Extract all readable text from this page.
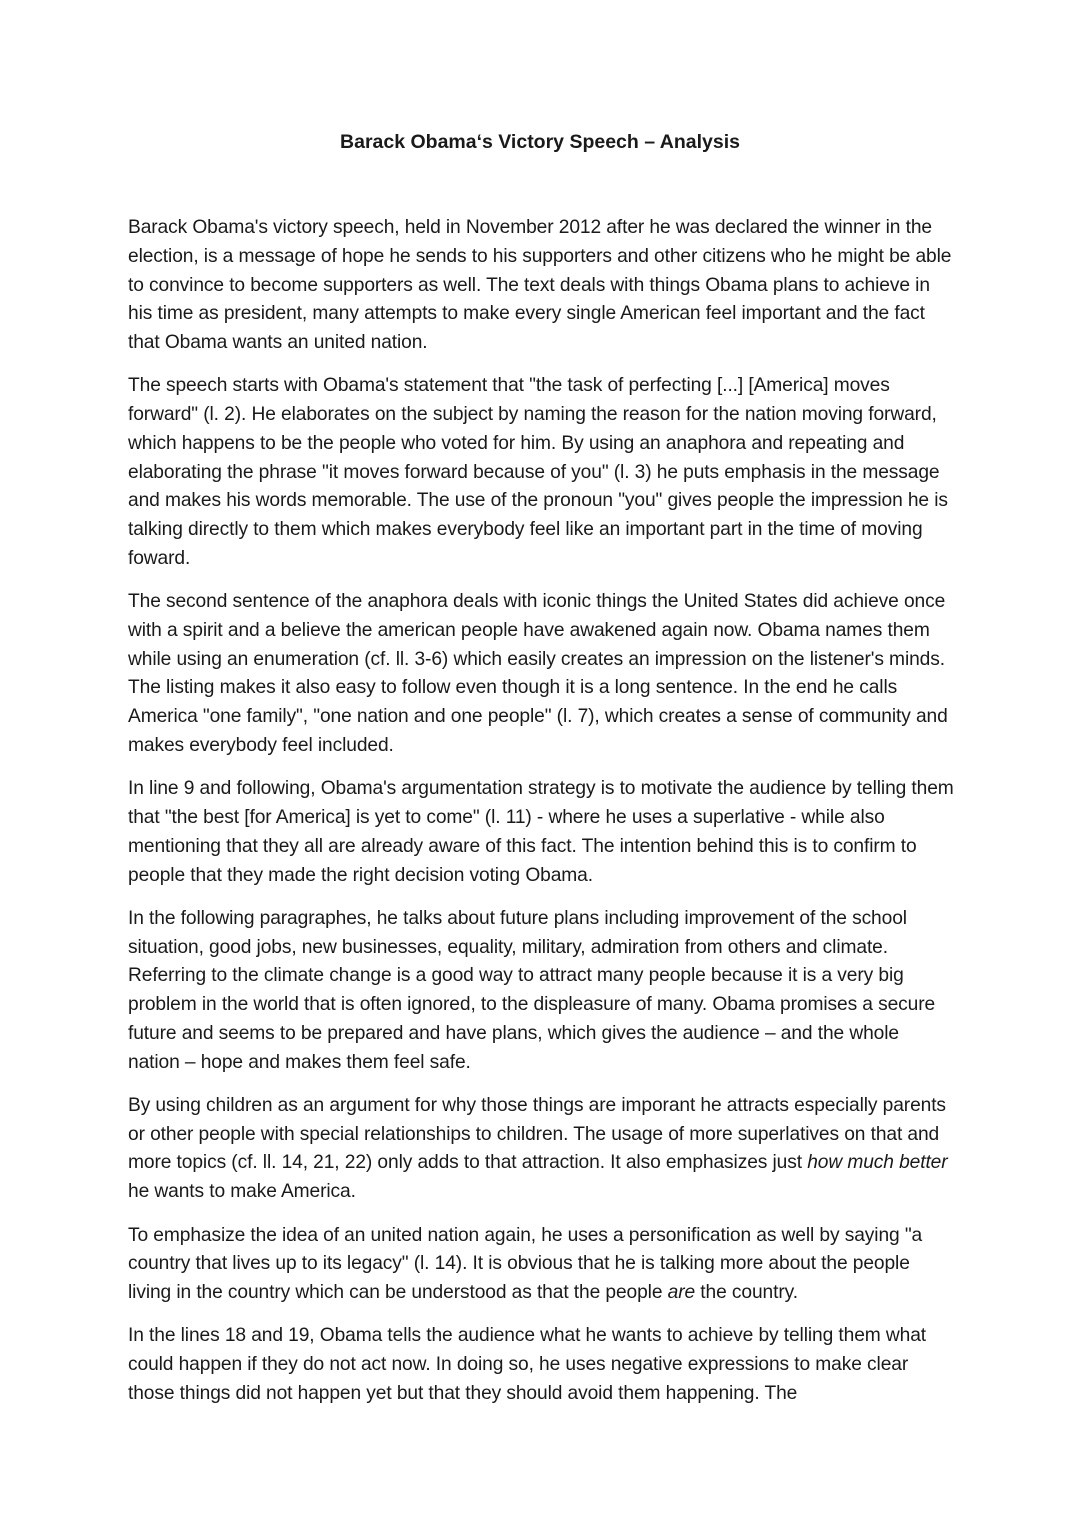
Barack Obama‘s Victory Speech – Analysis

Barack Obama's victory speech, held in November 2012 after he was declared the winner in the election, is a message of hope he sends to his supporters and other citizens who he might be able to convince to become supporters as well. The text deals with things Obama plans to achieve in his time as president, many attempts to make every single American feel important and the fact that Obama wants an united nation.

The speech starts with Obama's statement that "the task of perfecting [...] [America] moves forward" (l. 2). He elaborates on the subject by naming the reason for the nation moving forward, which happens to be the people who voted for him. By using an anaphora and repeating and elaborating the phrase "it moves forward because of you" (l. 3) he puts emphasis in the message and makes his words memorable. The use of the pronoun "you" gives people the impression he is talking directly to them which makes everybody feel like an important part in the time of moving foward.

The second sentence of the anaphora deals with iconic things the United States did achieve once with a spirit and a believe the american people have awakened again now. Obama names them while using an enumeration (cf. ll. 3-6) which easily creates an impression on the listener's minds. The listing makes it also easy to follow even though it is a long sentence. In the end he calls America "one family", "one nation and one people" (l. 7), which creates a sense of community and makes everybody feel included.

In line 9 and following, Obama's argumentation strategy is to motivate the audience by telling them that "the best [for America] is yet to come" (l. 11) - where he uses a superlative - while also mentioning that they all are already aware of this fact. The intention behind this is to confirm to people that they made the right decision voting Obama.

In the following paragraphes, he talks about future plans including improvement of the school situation, good jobs, new businesses, equality, military, admiration from others and climate. Referring to the climate change is a good way to attract many people because it is a very big problem in the world that is often ignored, to the displeasure of many. Obama promises a secure future and seems to be prepared and have plans, which gives the audience – and the whole nation – hope and makes them feel safe.

By using children as an argument for why those things are imporant he attracts especially parents or other people with special relationships to children. The usage of more superlatives on that and more topics (cf. ll. 14, 21, 22) only adds to that attraction. It also emphasizes just how much better he wants to make America.

To emphasize the idea of an united nation again, he uses a personification as well by saying "a country that lives up to its legacy" (l. 14). It is obvious that he is talking more about the people living in the country which can be understood as that the people are the country.

In the lines 18 and 19, Obama tells the audience what he wants to achieve by telling them what could happen if they do not act now. In doing so, he uses negative expressions to make clear those things did not happen yet but that they should avoid them happening. The
